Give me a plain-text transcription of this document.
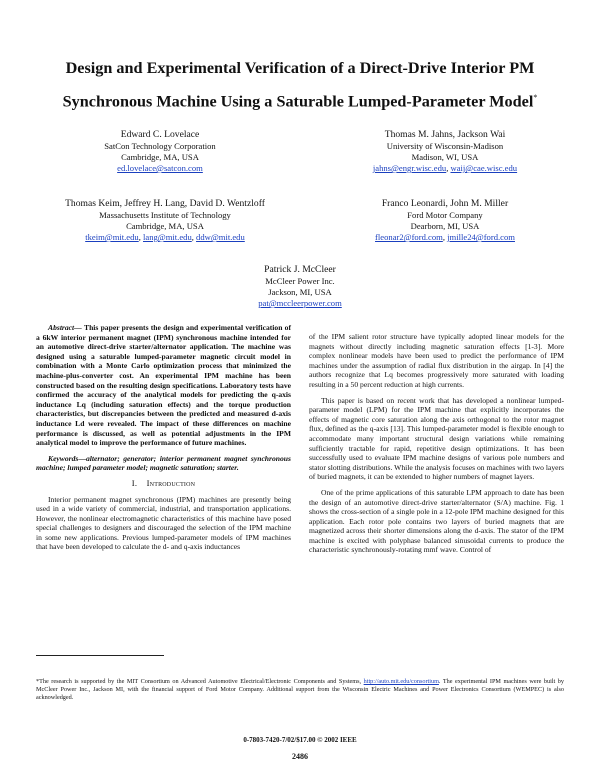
Design and Experimental Verification of a Direct-Drive Interior PM
Synchronous Machine Using a Saturable Lumped-Parameter Model*
Edward C. Lovelace
SatCon Technology Corporation
Cambridge, MA, USA
ed.lovelace@satcon.com
Thomas M. Jahns, Jackson Wai
University of Wisconsin-Madison
Madison, WI, USA
jahns@engr.wisc.edu, waij@cae.wisc.edu
Thomas Keim, Jeffrey H. Lang, David D. Wentzloff
Massachusetts Institute of Technology
Cambridge, MA, USA
tkeim@mit.edu, lang@mit.edu, ddw@mit.edu
Franco Leonardi, John M. Miller
Ford Motor Company
Dearborn, MI, USA
fleonar2@ford.com, jmille24@ford.com
Patrick J. McCleer
McCleer Power Inc.
Jackson, MI, USA
pat@mccleerpower.com

Abstract— This paper presents the design and experimental verification of a 6kW interior permanent magnet (IPM) synchronous machine intended for an automotive direct-drive starter/alternator application. The machine was designed using a saturable lumped-parameter magnetic circuit model in combination with a Monte Carlo optimization process that minimized the machine-plus-converter cost. An experimental IPM machine has been constructed based on the resulting design specifications. Laboratory tests have confirmed the accuracy of the analytical models for predicting the q-axis inductance Lq (including saturation effects) and the torque production characteristics, but discrepancies between the predicted and measured d-axis inductance Ld were revealed. The impact of these differences on machine performance is discussed, as well as potential adjustments in the IPM analytical model to improve the performance of future machines.

Keywords—alternator; generator; interior permanent magnet synchronous machine; lumped parameter model; magnetic saturation; starter.

I. Introduction

Interior permanent magnet synchronous (IPM) machines are presently being used in a wide variety of commercial, industrial, and transportation applications. However, the nonlinear electromagnetic characteristics of this machine have posed special challenges to designers and discouraged the selection of the IPM machine in some new applications. Previous lumped-parameter models of IPM machines that have been developed to calculate the d- and q-axis inductances

of the IPM salient rotor structure have typically adopted linear models for the magnets without directly including magnetic saturation effects [1-3]. More complex nonlinear models have been used to predict the performance of IPM machines under the assumption of radial flux distribution in the airgap. In [4] the authors recognize that Lq becomes progressively more saturated with loading resulting in a 50 percent reduction at high currents.

This paper is based on recent work that has developed a nonlinear lumped-parameter model (LPM) for the IPM machine that explicitly incorporates the effects of magnetic core saturation along the axis orthogonal to the rotor magnet flux, defined as the q-axis [13]. This lumped-parameter model is flexible enough to accommodate many important structural design variations while remaining sufficiently tractable for rapid, repetitive design optimizations. It has been successfully used to evaluate IPM machine designs of various pole numbers and stator slotting distributions. While the analysis focuses on machines with two layers of buried magnets, it can be extended to higher numbers of magnet layers.

One of the prime applications of this saturable LPM approach to date has been the design of an automotive direct-drive starter/alternator (S/A) machine. Fig. 1 shows the cross-section of a single pole in a 12-pole IPM machine designed for this application. Each rotor pole contains two layers of buried magnets that are magnetized across their shorter dimensions along the d-axis. The stator of the IPM machine is excited with polyphase balanced sinusoidal currents to produce the characteristic synchronously-rotating mmf wave. Control of

*The research is supported by the MIT Consortium on Advanced Automotive Electrical/Electronic Components and Systems, http://auto.mit.edu/consortium. The experimental IPM machines were built by McCleer Power Inc., Jackson MI, with the financial support of Ford Motor Company. Additional support from the Wisconsin Electric Machines and Power Electronics Consortium (WEMPEC) is also acknowledged.
0-7803-7420-7/02/$17.00 © 2002 IEEE
2486
